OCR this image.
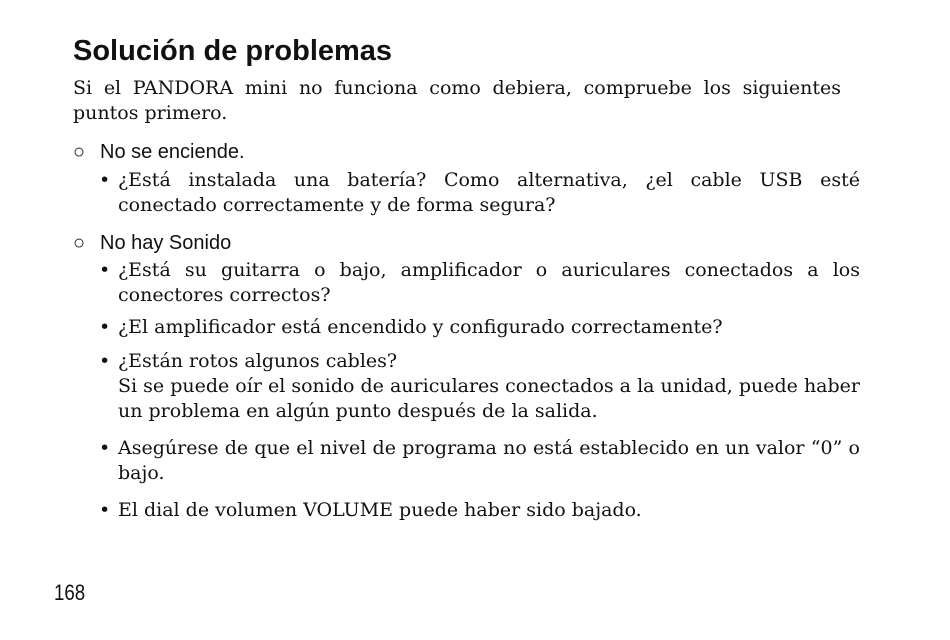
Solución de problemas

Si el PANDORA mini no funciona como debiera, compruebe los siguientes puntos primero.

○ No se enciende.

• ¿Está instalada una batería? Como alternativa, ¿el cable USB esté conectado correctamente y de forma segura?

○ No hay Sonido

• ¿Está su guitarra o bajo, amplificador o auriculares conectados a los conectores correctos?

• ¿El amplificador está encendido y configurado correctamente?

• ¿Están rotos algunos cables?
Si se puede oír el sonido de auriculares conectados a la unidad, puede haber un problema en algún punto después de la salida.

• Asegúrese de que el nivel de programa no está establecido en un valor “0” o bajo.

• El dial de volumen VOLUME puede haber sido bajado.

168
